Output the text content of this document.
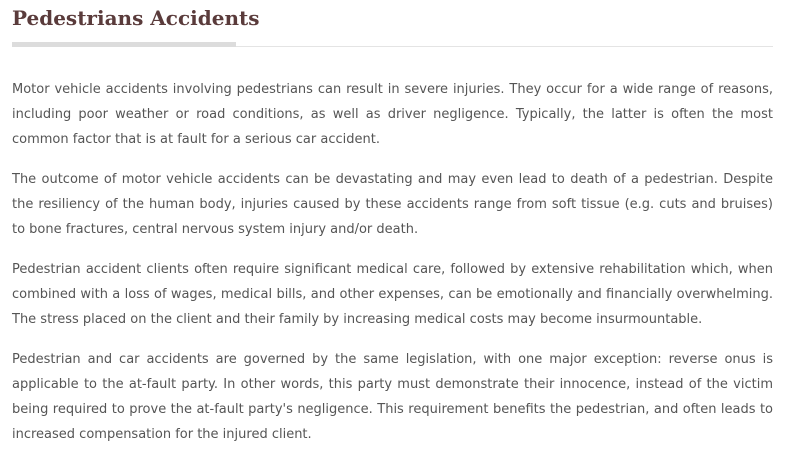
Pedestrians Accidents

Motor vehicle accidents involving pedestrians can result in severe injuries. They occur for a wide range of reasons, including poor weather or road conditions, as well as driver negligence. Typically, the latter is often the most common factor that is at fault for a serious car accident.

The outcome of motor vehicle accidents can be devastating and may even lead to death of a pedestrian. Despite the resiliency of the human body, injuries caused by these accidents range from soft tissue (e.g. cuts and bruises) to bone fractures, central nervous system injury and/or death.

Pedestrian accident clients often require significant medical care, followed by extensive rehabilitation which, when combined with a loss of wages, medical bills, and other expenses, can be emotionally and financially overwhelming. The stress placed on the client and their family by increasing medical costs may become insurmountable.

Pedestrian and car accidents are governed by the same legislation, with one major exception: reverse onus is applicable to the at-fault party. In other words, this party must demonstrate their innocence, instead of the victim being required to prove the at-fault party's negligence. This requirement benefits the pedestrian, and often leads to increased compensation for the injured client.
